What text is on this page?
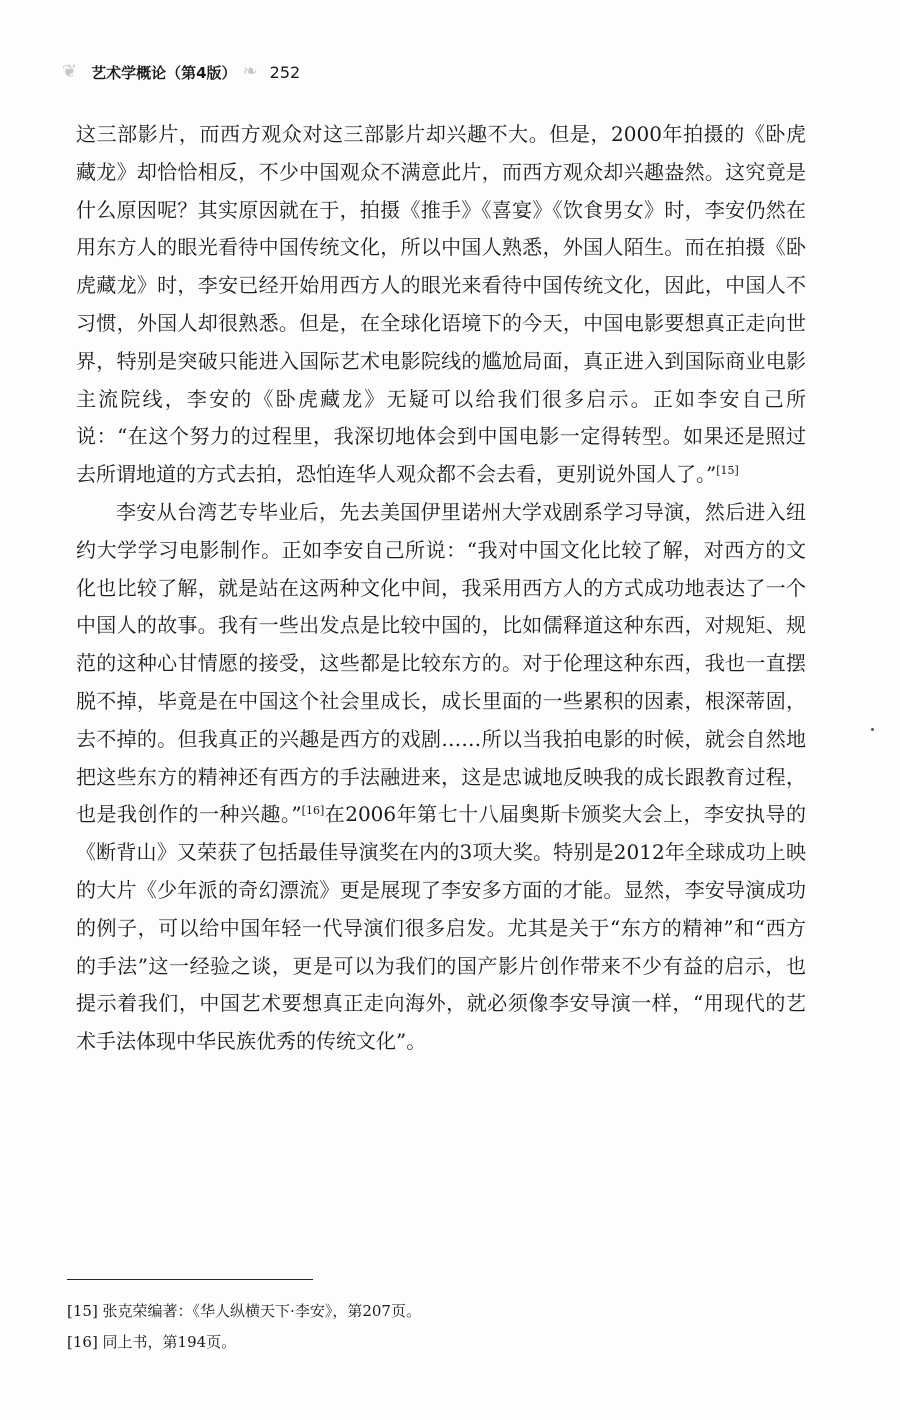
❦ 艺术学概论（第4版） ❧ 252

这三部影片，而西方观众对这三部影片却兴趣不大。但是，2000年拍摄的《卧虎藏龙》却恰恰相反，不少中国观众不满意此片，而西方观众却兴趣盎然。这究竟是什么原因呢？其实原因就在于，拍摄《推手》《喜宴》《饮食男女》时，李安仍然在用东方人的眼光看待中国传统文化，所以中国人熟悉，外国人陌生。而在拍摄《卧虎藏龙》时，李安已经开始用西方人的眼光来看待中国传统文化，因此，中国人不习惯，外国人却很熟悉。但是，在全球化语境下的今天，中国电影要想真正走向世界，特别是突破只能进入国际艺术电影院线的尴尬局面，真正进入到国际商业电影主流院线，李安的《卧虎藏龙》无疑可以给我们很多启示。正如李安自己所说：“在这个努力的过程里，我深切地体会到中国电影一定得转型。如果还是照过去所谓地道的方式去拍，恐怕连华人观众都不会去看，更别说外国人了。”[15]

李安从台湾艺专毕业后，先去美国伊里诺州大学戏剧系学习导演，然后进入纽约大学学习电影制作。正如李安自己所说：“我对中国文化比较了解，对西方的文化也比较了解，就是站在这两种文化中间，我采用西方人的方式成功地表达了一个中国人的故事。我有一些出发点是比较中国的，比如儒释道这种东西，对规矩、规范的这种心甘情愿的接受，这些都是比较东方的。对于伦理这种东西，我也一直摆脱不掉，毕竟是在中国这个社会里成长，成长里面的一些累积的因素，根深蒂固，去不掉的。但我真正的兴趣是西方的戏剧……所以当我拍电影的时候，就会自然地把这些东方的精神还有西方的手法融进来，这是忠诚地反映我的成长跟教育过程，也是我创作的一种兴趣。”[16]在2006年第七十八届奥斯卡颁奖大会上，李安执导的《断背山》又荣获了包括最佳导演奖在内的3项大奖。特别是2012年全球成功上映的大片《少年派的奇幻漂流》更是展现了李安多方面的才能。显然，李安导演成功的例子，可以给中国年轻一代导演们很多启发。尤其是关于“东方的精神”和“西方的手法”这一经验之谈，更是可以为我们的国产影片创作带来不少有益的启示，也提示着我们，中国艺术要想真正走向海外，就必须像李安导演一样，“用现代的艺术手法体现中华民族优秀的传统文化”。

[15] 张克荣编著：《华人纵横天下·李安》，第207页。
[16] 同上书，第194页。
